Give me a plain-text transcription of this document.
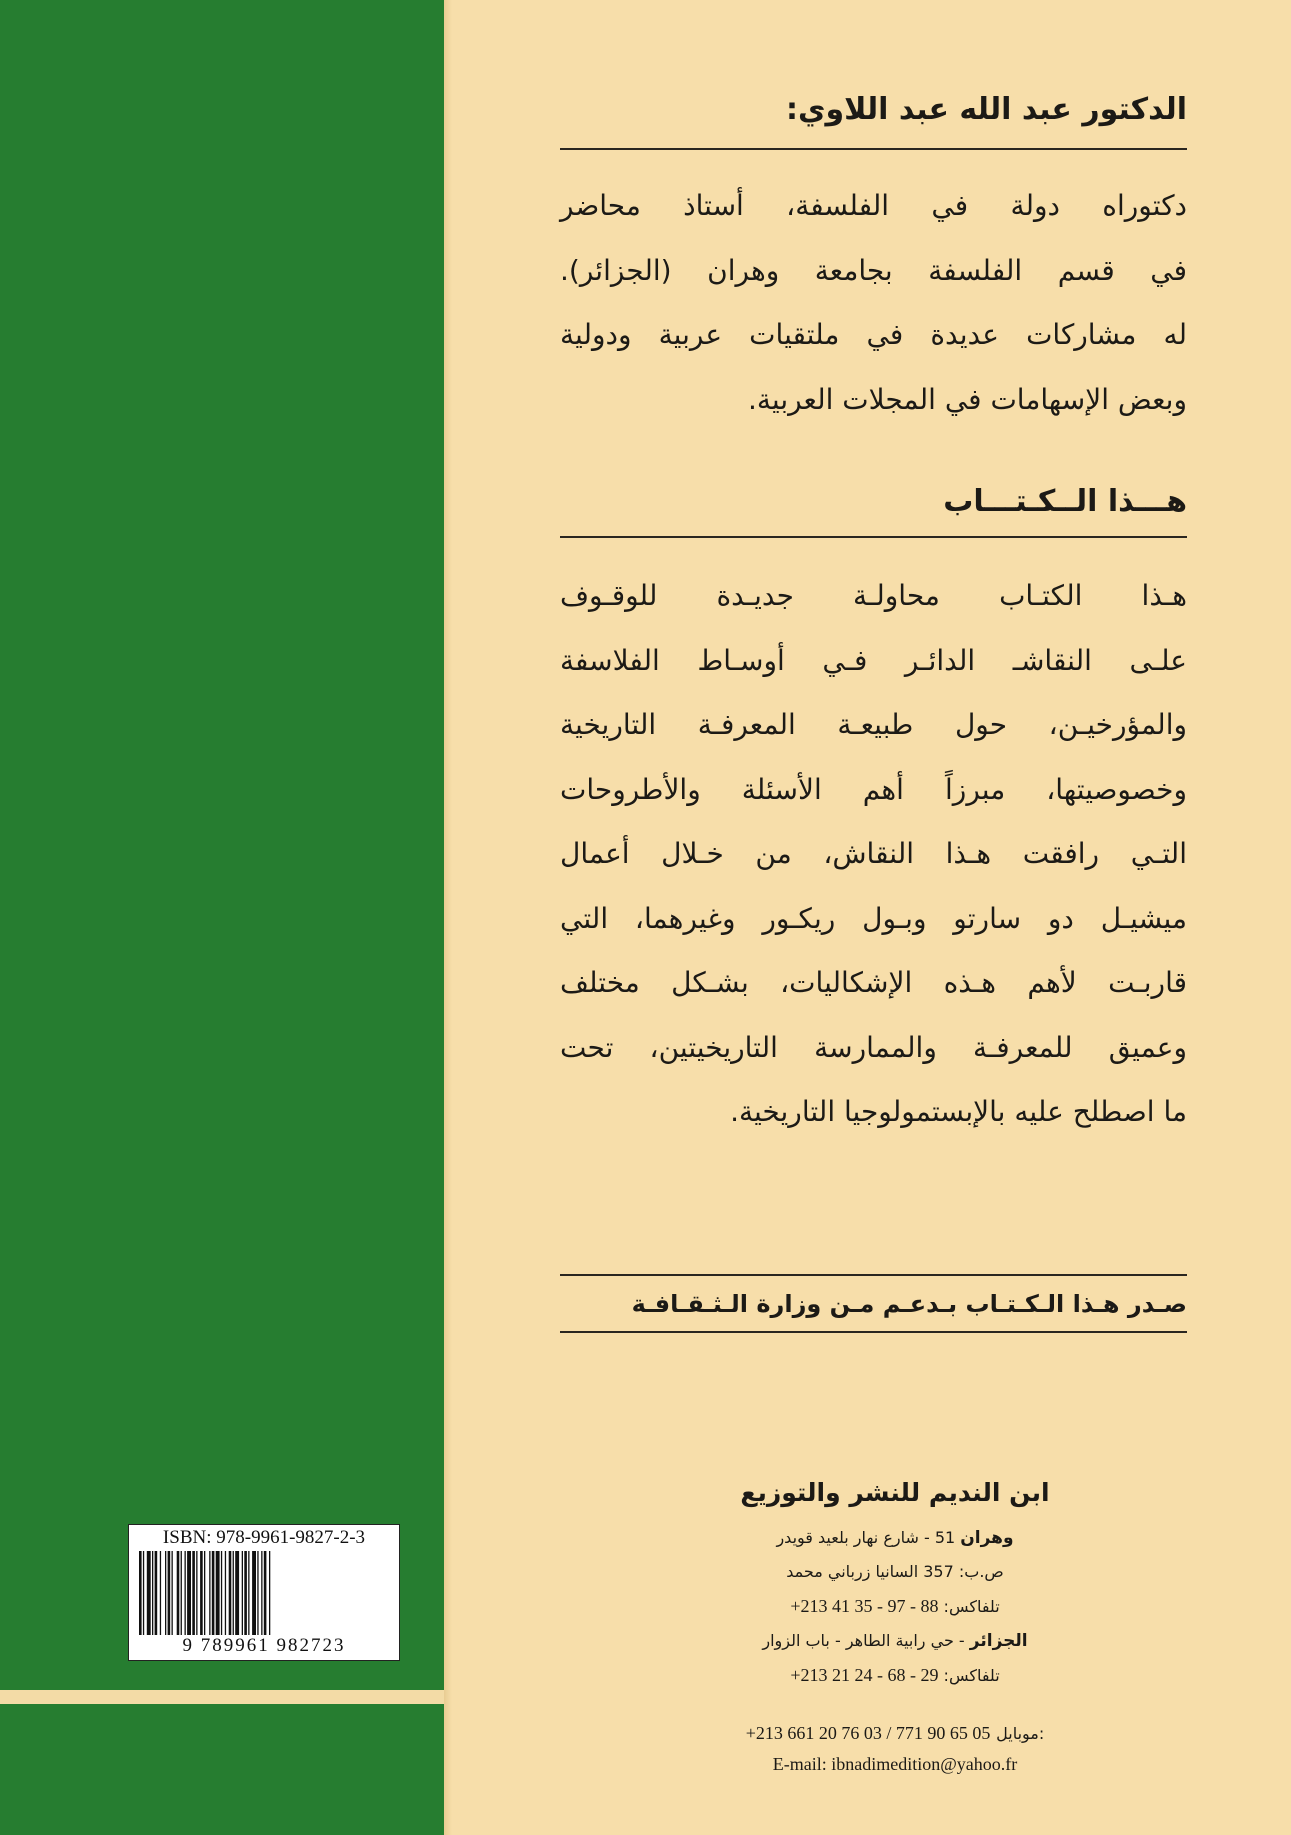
ISBN: 978-9961-9827-2-3
9 789961 982723
الدكتور عبد الله عبد اللاوي:
دكتوراه دولة في الفلسفة، أستاذ محاضر
في قسم الفلسفة بجامعة وهران (الجزائر).
له مشاركات عديدة في ملتقيات عربية ودولية
وبعض الإسهامات في المجلات العربية.
هـــذا الــكـتـــاب
هـذا الكتـاب محاولـة جديـدة للوقـوف
علـى النقاشـ الدائـر فـي أوسـاط الفلاسفة
والمؤرخيـن، حول طبيعـة المعرفـة التاريخية
وخصوصيتها، مبرزاً أهم الأسئلة والأطروحات
التـي رافقت هـذا النقاش، من خـلال أعمال
ميشيـل دو سارتو وبـول ريكـور وغيرهما، التي
قاربـت لأهم هـذه الإشكاليات، بشـكل مختلف
وعميق للمعرفـة والممارسة التاريخيتين، تحت
ما اصطلح عليه بالإبستمولوجيا التاريخية.
صـدر هـذا الـكـتـاب بـدعـم مـن وزارة الـثـقـافـة
ابن النديم للنشر والتوزيع
وهران 51 - شارع نهار بلعيد قويدر
ص.ب: 357 السانيا زرباني محمد
تلفاكس: +213 41 35 - 97 - 88
الجزائر - حي رابية الطاهر - باب الزوار
تلفاكس: +213 21 24 - 68 - 29
+213 661 20 76 03 / 771 90 65 05 موبايل:
E-mail: ibnadimedition@yahoo.fr
